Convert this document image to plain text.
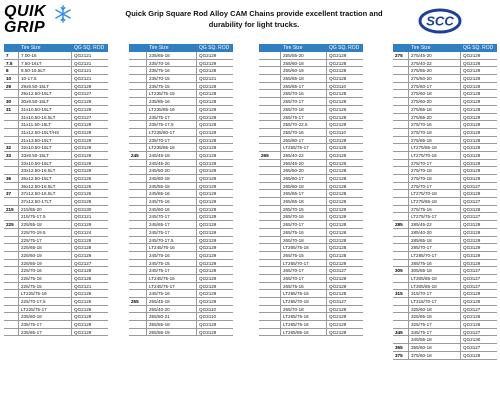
QUIK
GRIP
Quick Grip Square Rod Alloy CAM Chains provide excellent traction and durability for light trucks.	SCC
Tire Size	QG SQ. ROD
7	7.00-16	QG2121
7.5 7.50-16LT	QG2121
8	8.50-16.5LT	QG2121
10 10-17.5	QG2121
29 29x9.50-15LT	QG2129
29x12.50-15LT	QG3127
30 30x9.50-15LT	QG2129
31 31x10.50-15LT	QG2129
31x10.50-16.5LT	QG3127
31x11.50-15LT	QG2129
31x12.50-15LT/HS	QG3129
31x13.50-15LT	QG3129
32 32x10.50-15LT	QG3129
33 33x9.50-15LT	QG3129
33x10.50-15LT	QG3129
33x12.50-16.5LT	QG3129
36 36x12.50-15LT	QG2126
36x12.50-16.5LT	QG2126
37 37x12.50-16.5LT	QG2126
37x12.50-17LT	QG3129
215 215/55-20	QG3130
215/75-17.5	QG2121
225 225/55-18	QG2129
225/70-19.5	QG2124
225/75-17	QG2128
225/65-18	QG2128
225/60-19	QG2129
225/55-19	QG2127
225/70-16	QG2128
225/75-16	QG2128
225/75-15	QG2121
LT225/75-16	QG2128
225/70-17.5	QG2125
LT225/75-17	QG2128
235/60-18	QG2129
235/75-17	QG2129
235/65-17	QG2129
Tire Size	QG SQ. ROD
235/65-18	QG2129
235/70-16	QG2129
235/75-16	QG2128
235/70-15	QG2121
235/75-15	QG2128
LT235/75-15	QG2128
235/85-16	QG2128
LT235/85-16	QG2129
235/75-17	QG2129
235/75-17.5	QG2128
LT235/80-17	QG2129
235/70-17	QG2128
LT235/85-16	QG2129
245 245/45-18	QG2129
245/45-20	QG2129
245/50-20	QG2129
245/60-18	QG2129
245/55-18	QG2129
245/65-16	QG2129
245/75-16	QG2129
245/60-16	QG2129
245/70-17	QG2129
245/65-17	QG2129
245/75-17	QG2129
245/70-17.5	QG2129
LT245/75-16	QG2129
245/75-16	QG2129
245/75-15	QG2129
245/75-17	QG2129
LT245/75-16	QG2129
LT245/75-17	QG2129
245/75-16	QG2129
255 255/45-18	QG2129
255/40-20	QG3110
255/50-21	QG3110
255/55-18	QG2129
255/55-19	QG3129
Tire Size	QG SQ. ROD
255/55-20	QG2129
255/60-18	QG2128
255/60-19	QG2128
255/65-18	QG2128
255/65-17	QG3110
255/70-16	QG2128
255/70-17	QG2129
255/70-18	QG2126
255/75-17	QG2129
255/70-22.5	QG2129
255/70-16	QG3110
255/80-17	QG3129
LT255/75-17	QG2129
265	265/40-22	QG3129
265/45-20	QG2126
265/50-20	QG2128
265/60-17	QG2128
265/60-18	QG2128
265/65-17	QG2128
265/65-18	QG2129
265/70-15	QG2129
265/70-16	QG2129
265/70-17	QG2128
265/75-16	QG2126
265/70-18	QG2129
LT265/75-16	QG2128
265/75-15	QG2128
LT265/70-17	QG2129
265/70-17	QG3127
265/70-17	QG2129
265/75-16	QG2129
LT265/75-16	QG2128
LT265/70-18	QG3127
265/70-18	QG2129
LT265/75-16	QG2129
LT265/75-16	QG2129
LT265/85-16	QG2129
Tire Size	QG SQ. ROD
275 275/45-20	QG2129
275/40-22	QG2128
275/55-20	QG2129
275/50-20	QG2129
275/60-17	QG2128
275/60-18	QG2128
275/60-20	QG3129
275/65-18	QG2128
275/65-20	QG3129
275/70-16	QG3129
275/70-18	QG3129
275/65-18	QG2128
LT275/65-18	QG3129
LT275/70-16	QG3129
275/70-17	QG3129
275/70-18	QG3129
275/70-18	QG3129
275/70-17	QG3127
LT275/70-18	QG3129
LT275/65-18	QG3127
275/75-16	QG3129
LT275/75-17	QG3127
285 285/45-22	QG3129
285/40-20	QG3129
285/65-18	QG3129
285/70-17	QG3129
LT285/70-17	QG3129
285/75-16	QG3129
305 305/55-18	QG3127
LT305/65-18	QG3127
LT305/65-18	QG3127
315 315/70-17	QG3129
LT315/70-17	QG2126
325/60-18	QG3127
325/65-18	QG2126
325/75-17	QG2126
345 345/75-17	QG3127
345/55-18	QG2130
355 355/60-18	QG3127
375 375/60-18	QG3129
